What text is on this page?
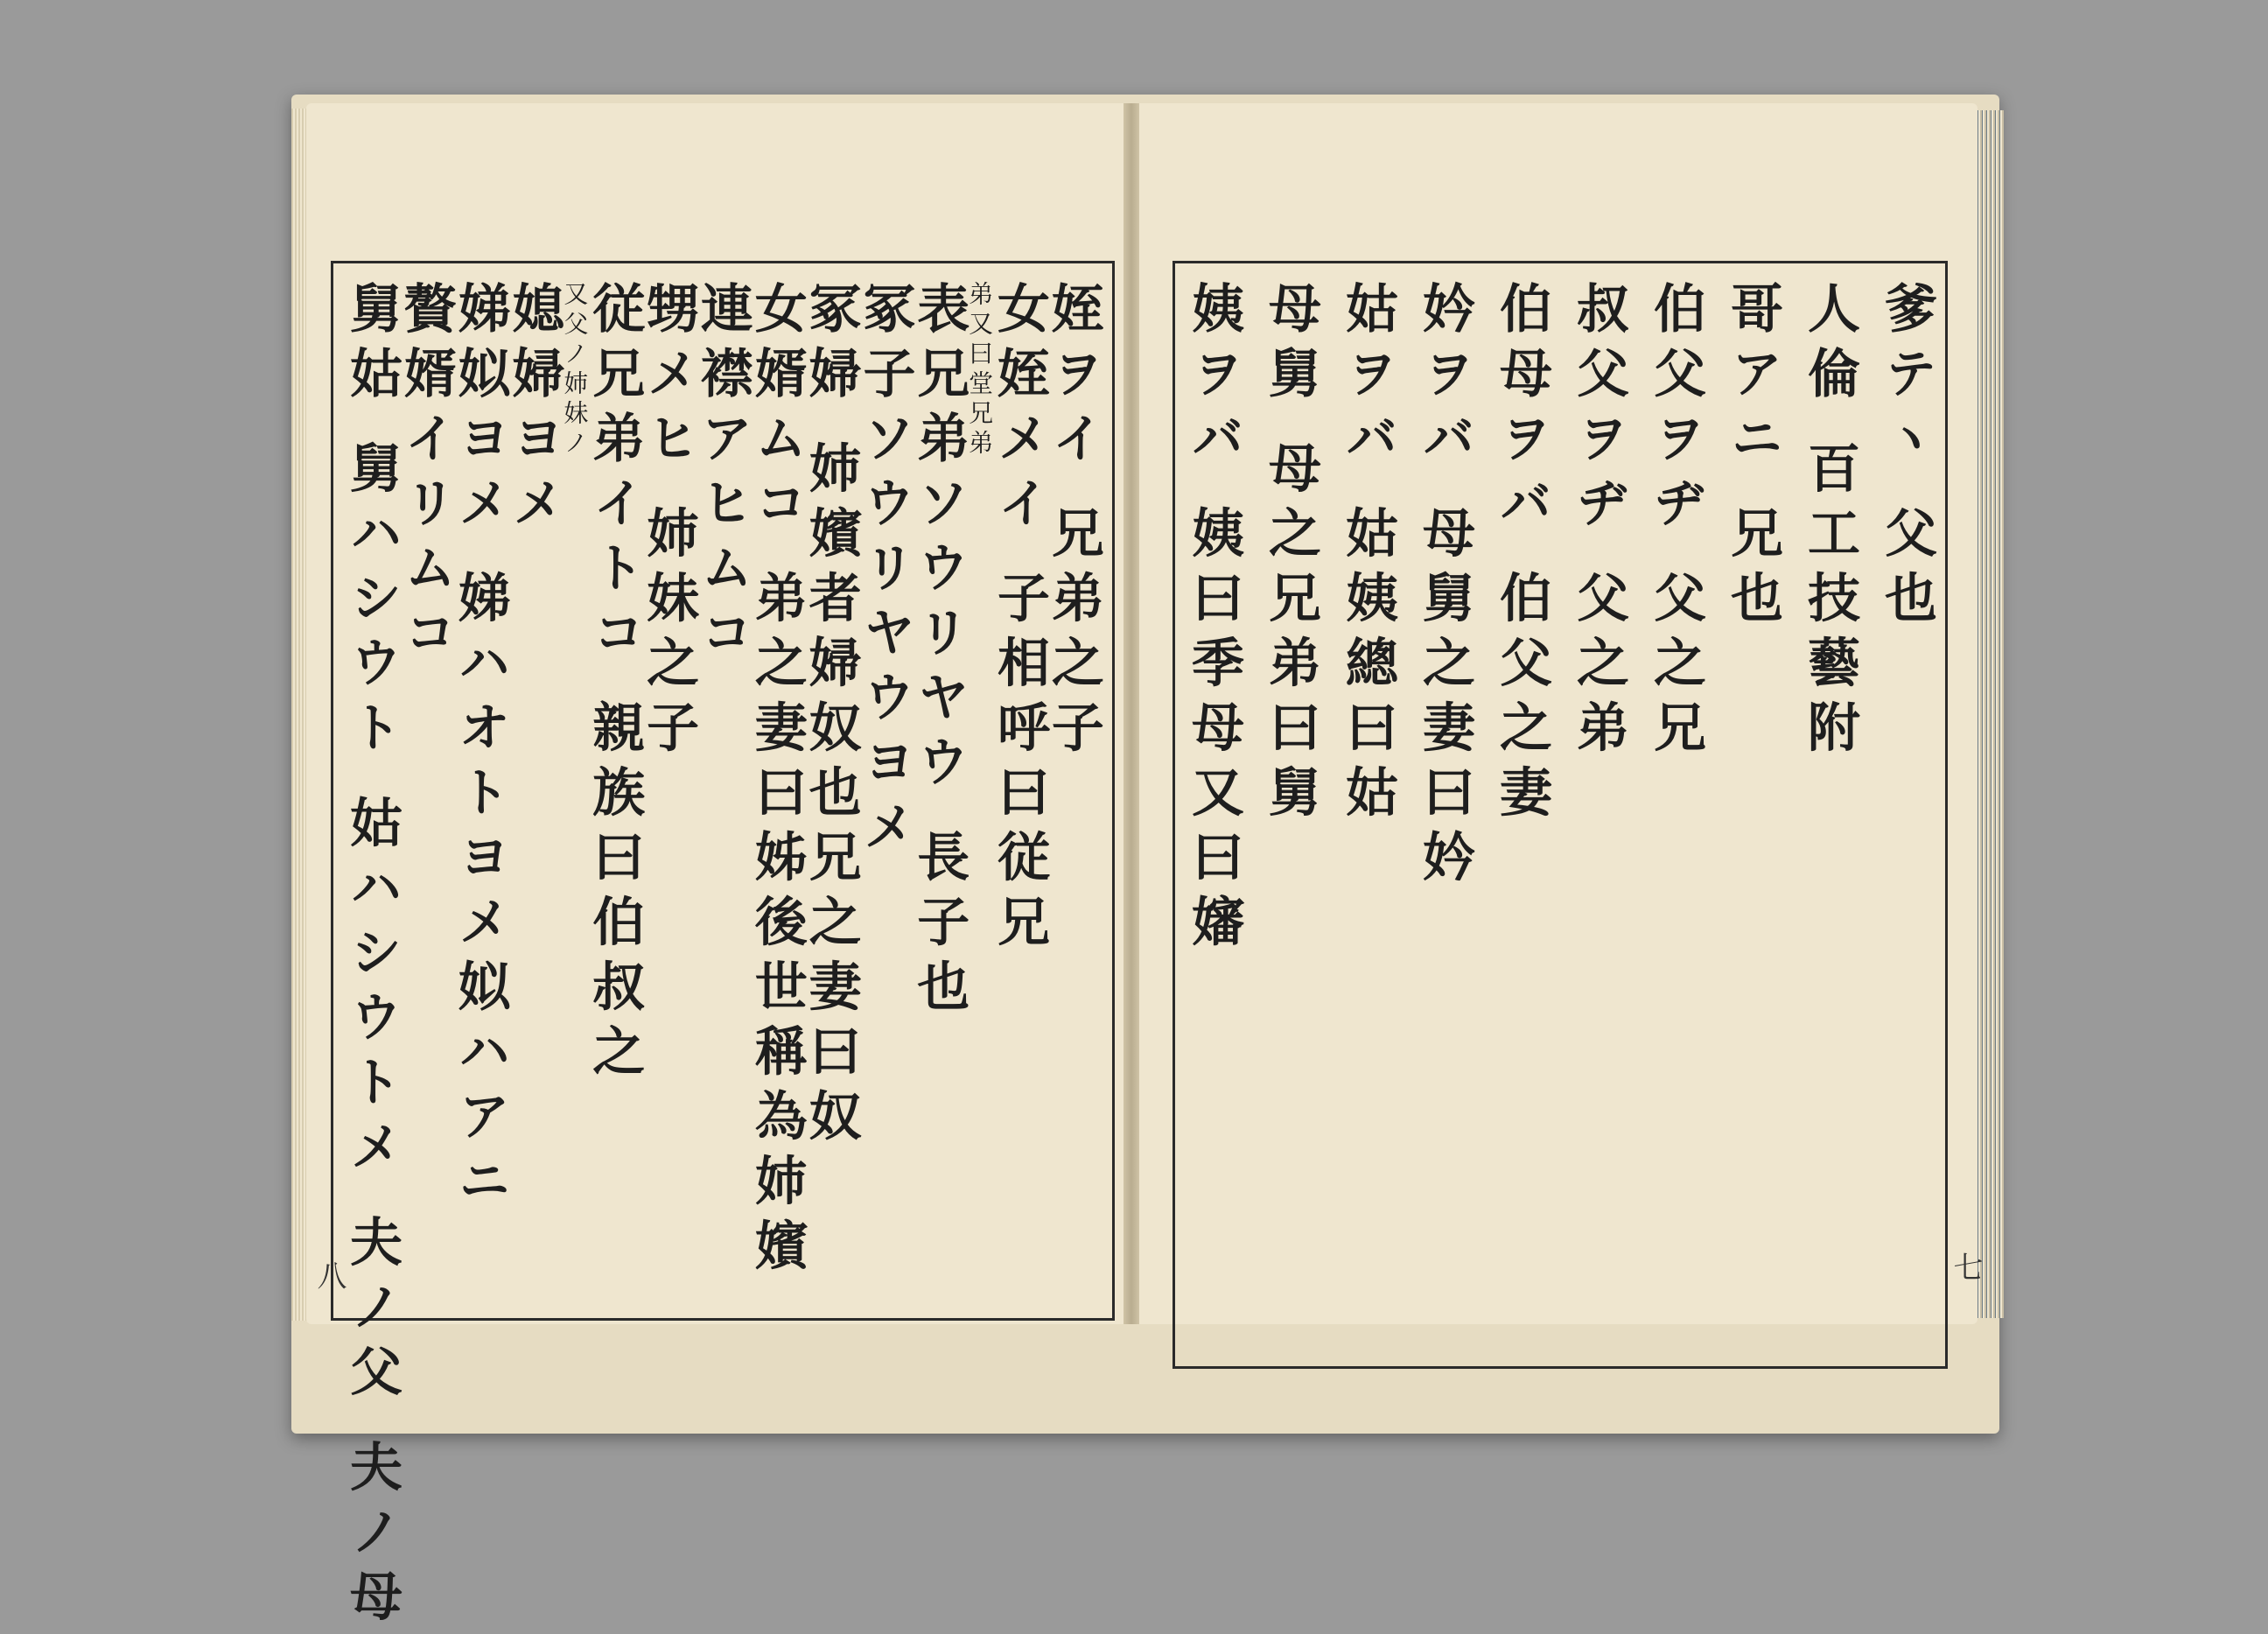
姪ヲイ 兄弟之子
女姪メイ 子相呼曰従兄
弟又曰堂兄弟
表兄弟ソウリヤウ 長子也
冢子ソウリヤウヨメ
冢婦 姉嬪者婦奴也兄之妻曰奴
女婿ムコ 弟之妻曰姊後世稱為姉嬪
連襟アヒムコ
甥メヒ 姉妹之子
従兄弟イトコ 親族曰伯叔之
又父ノ姉妹ノ
媳婦ヨメ
娣姒ヨメ 娣ハオトヨメ姒ハアニ
贅婿イリムコ
舅姑 舅ハシウト 姑ハシウトメ 夫ノ父 夫ノ母	爹テヽ 父也
人倫 百工技藝附
哥アニ 兄也
伯父ヲヂ 父之兄
叔父ヲヂ 父之弟
伯母ヲバ 伯父之妻
妗ヲバ 母舅之妻曰妗
姑ヲバ 姑姨總曰姑
母舅 母之兄弟曰舅
姨ヲバ 姨曰季母又曰嬸
八	七
